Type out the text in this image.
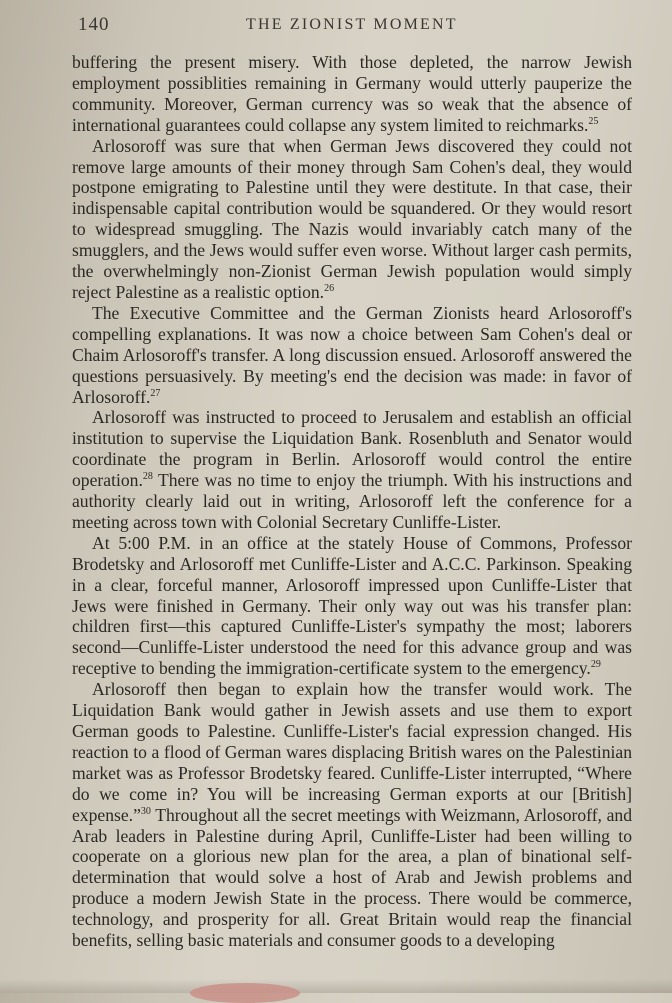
140	THE ZIONIST MOMENT

buffering the present misery. With those depleted, the narrow Jewish employment possiblities remaining in Germany would utterly pauperize the community. Moreover, German currency was so weak that the absence of international guarantees could collapse any system limited to reichmarks.$^{25}$

Arlosoroff was sure that when German Jews discovered they could not remove large amounts of their money through Sam Cohen's deal, they would postpone emigrating to Palestine until they were destitute. In that case, their indispensable capital contribution would be squandered. Or they would resort to widespread smuggling. The Nazis would invariably catch many of the smugglers, and the Jews would suffer even worse. Without larger cash permits, the overwhelmingly non-Zionist German Jewish population would simply reject Palestine as a realistic option.$^{26}$

The Executive Committee and the German Zionists heard Arlosoroff's compelling explanations. It was now a choice between Sam Cohen's deal or Chaim Arlosoroff's transfer. A long discussion ensued. Arlosoroff answered the questions persuasively. By meeting's end the decision was made: in favor of Arlosoroff.$^{27}$

Arlosoroff was instructed to proceed to Jerusalem and establish an official institution to supervise the Liquidation Bank. Rosenbluth and Senator would coordinate the program in Berlin. Arlosoroff would control the entire operation.$^{28}$ There was no time to enjoy the triumph. With his instructions and authority clearly laid out in writing, Arlosoroff left the conference for a meeting across town with Colonial Secretary Cunliffe-Lister.

At 5:00 P.M. in an office at the stately House of Commons, Professor Brodetsky and Arlosoroff met Cunliffe-Lister and A.C.C. Parkinson. Speaking in a clear, forceful manner, Arlosoroff impressed upon Cunliffe-Lister that Jews were finished in Germany. Their only way out was his transfer plan: children first—this captured Cunliffe-Lister's sympathy the most; laborers second—Cunliffe-Lister understood the need for this advance group and was receptive to bending the immigration-certificate system to the emergency.$^{29}$

Arlosoroff then began to explain how the transfer would work. The Liquidation Bank would gather in Jewish assets and use them to export German goods to Palestine. Cunliffe-Lister's facial expression changed. His reaction to a flood of German wares displacing British wares on the Palestinian market was as Professor Brodetsky feared. Cunliffe-Lister interrupted, “Where do we come in? You will be increasing German exports at our [British] expense.”$^{30}$ Throughout all the secret meetings with Weizmann, Arlosoroff, and Arab leaders in Palestine during April, Cunliffe-Lister had been willing to cooperate on a glorious new plan for the area, a plan of binational self-determination that would solve a host of Arab and Jewish problems and produce a modern Jewish State in the process. There would be commerce, technology, and prosperity for all. Great Britain would reap the financial benefits, selling basic materials and consumer goods to a developing
